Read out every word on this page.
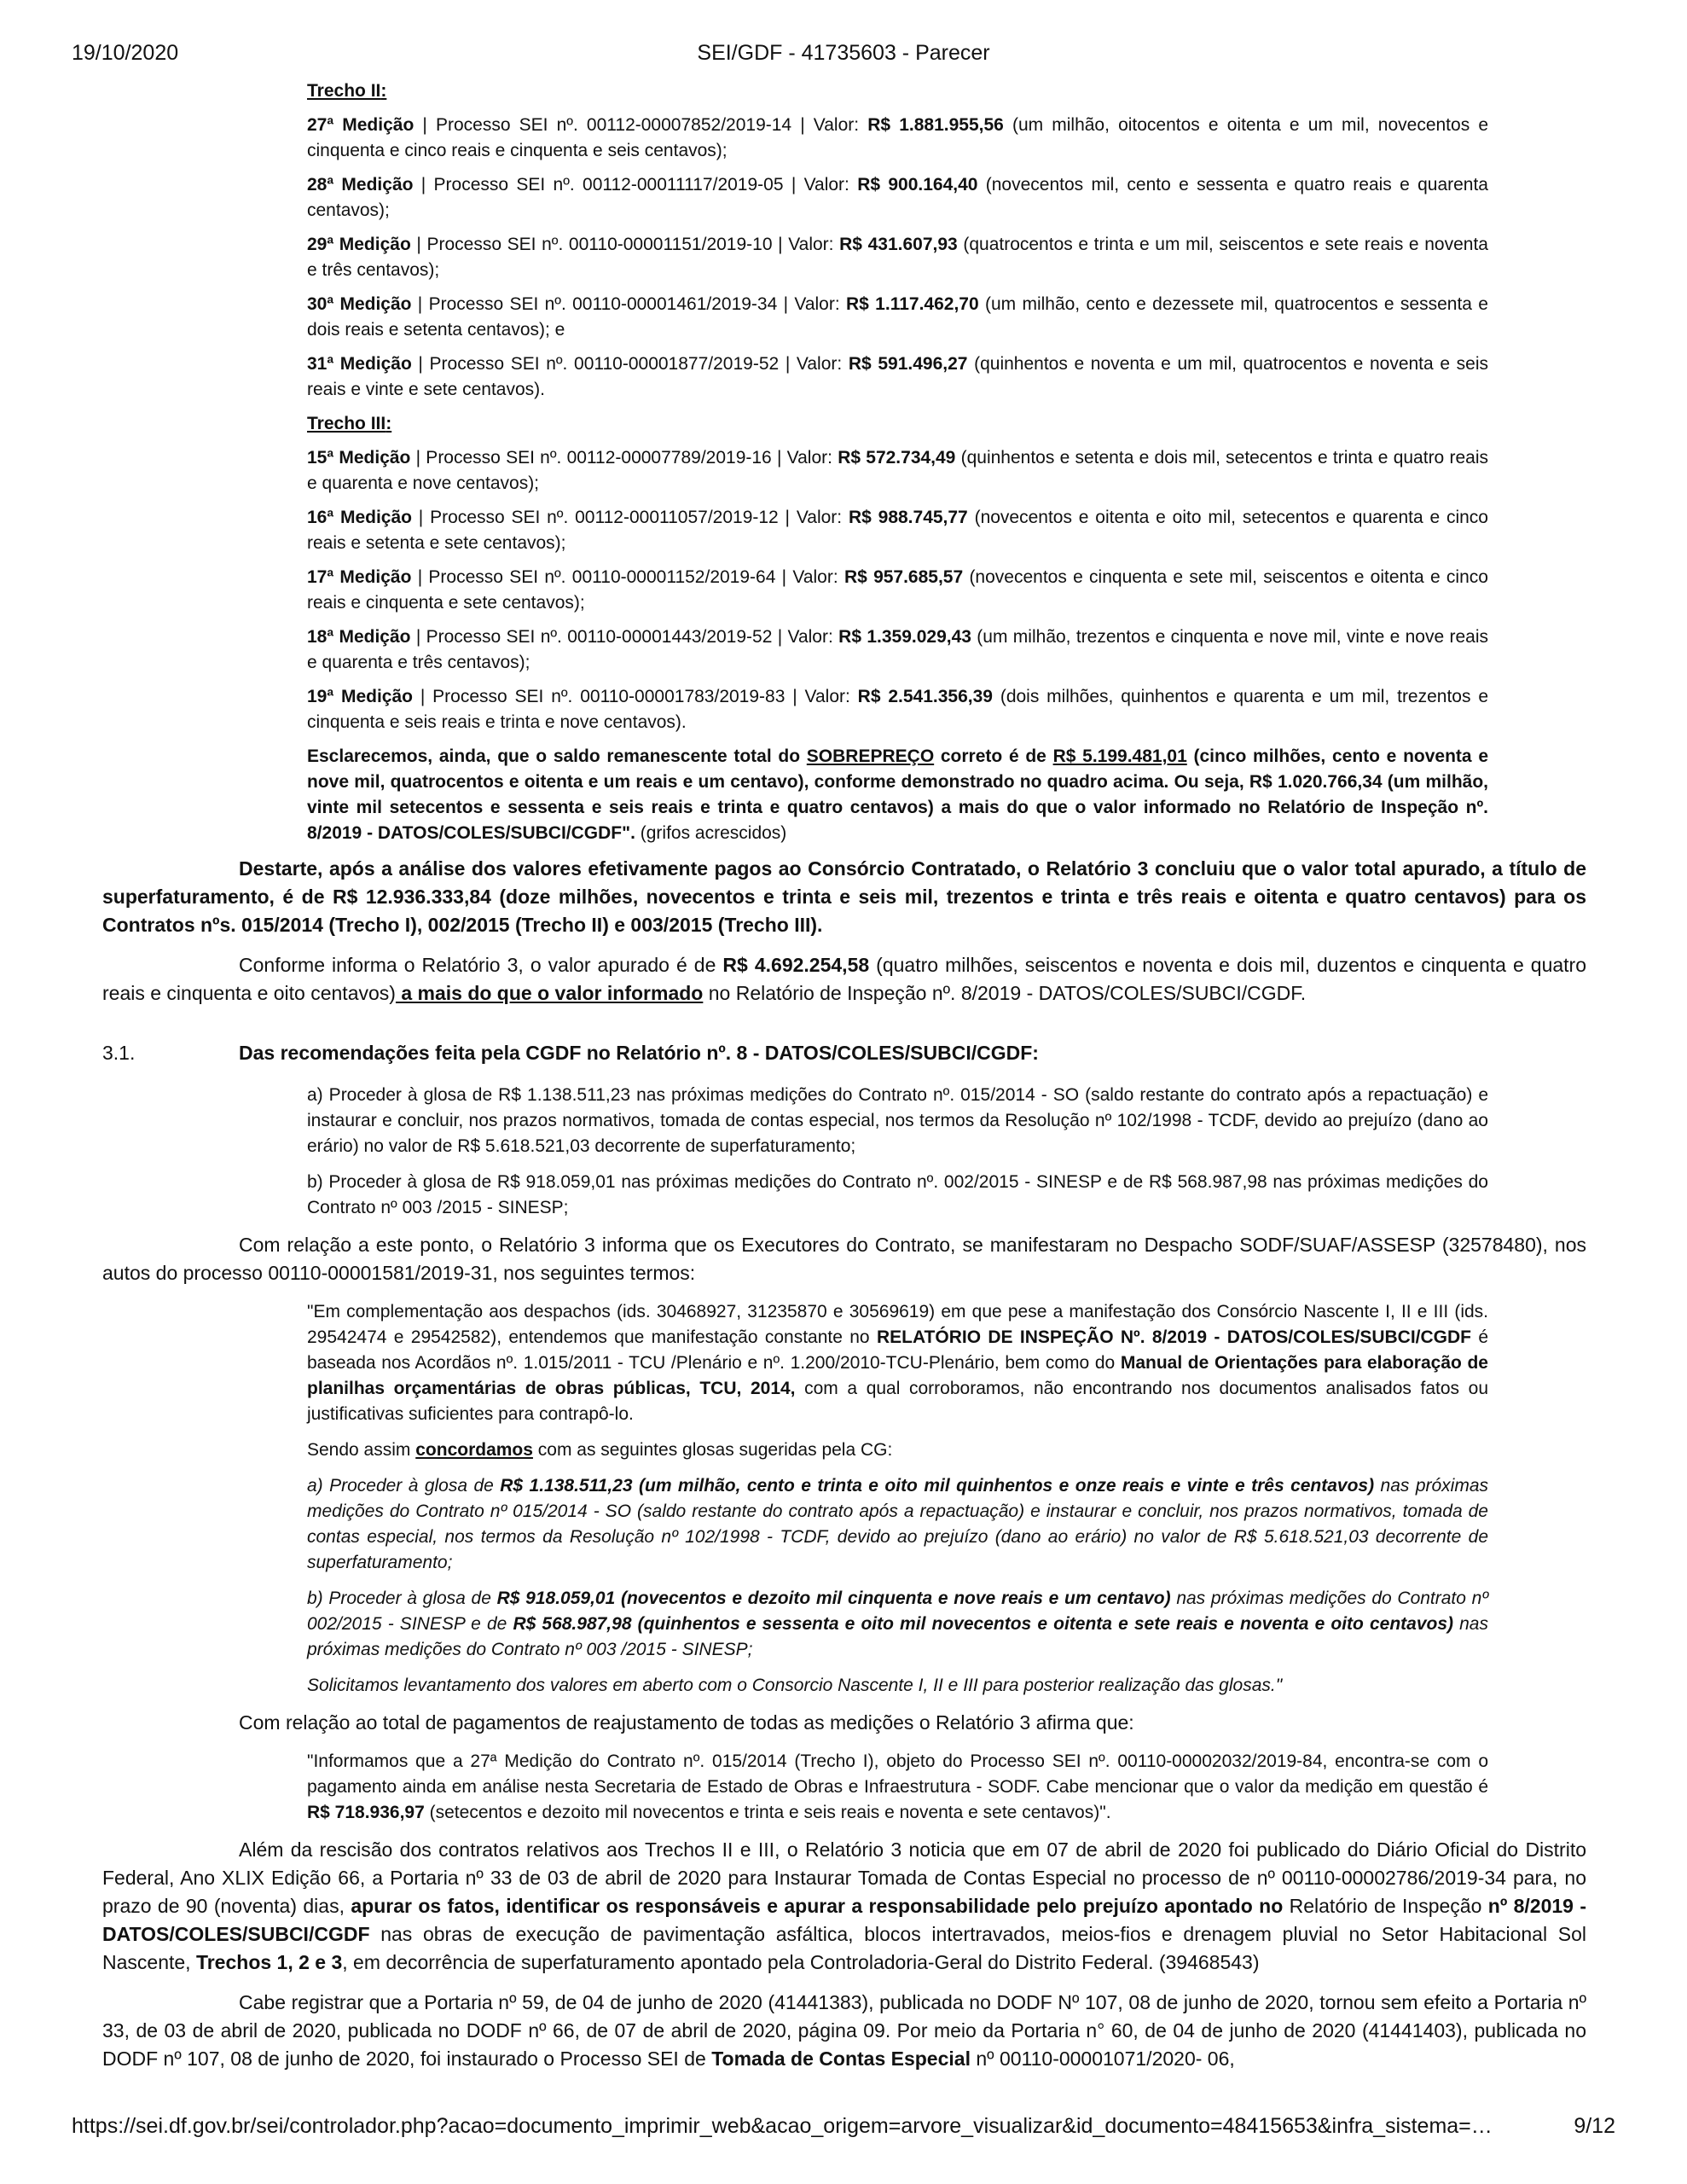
19/10/2020	SEI/GDF - 41735603 - Parecer

Trecho II:

27ª Medição | Processo SEI nº. 00112-00007852/2019-14 | Valor: R$ 1.881.955,56 (um milhão, oitocentos e oitenta e um mil, novecentos e cinquenta e cinco reais e cinquenta e seis centavos);

28ª Medição | Processo SEI nº. 00112-00011117/2019-05 | Valor: R$ 900.164,40 (novecentos mil, cento e sessenta e quatro reais e quarenta centavos);

29ª Medição | Processo SEI nº. 00110-00001151/2019-10 | Valor: R$ 431.607,93 (quatrocentos e trinta e um mil, seiscentos e sete reais e noventa e três centavos);

30ª Medição | Processo SEI nº. 00110-00001461/2019-34 | Valor: R$ 1.117.462,70 (um milhão, cento e dezessete mil, quatrocentos e sessenta e dois reais e setenta centavos); e

31ª Medição | Processo SEI nº. 00110-00001877/2019-52 | Valor: R$ 591.496,27 (quinhentos e noventa e um mil, quatrocentos e noventa e seis reais e vinte e sete centavos).

Trecho III:

15ª Medição | Processo SEI nº. 00112-00007789/2019-16 | Valor: R$ 572.734,49 (quinhentos e setenta e dois mil, setecentos e trinta e quatro reais e quarenta e nove centavos);

16ª Medição | Processo SEI nº. 00112-00011057/2019-12 | Valor: R$ 988.745,77 (novecentos e oitenta e oito mil, setecentos e quarenta e cinco reais e setenta e sete centavos);

17ª Medição | Processo SEI nº. 00110-00001152/2019-64 | Valor: R$ 957.685,57 (novecentos e cinquenta e sete mil, seiscentos e oitenta e cinco reais e cinquenta e sete centavos);

18ª Medição | Processo SEI nº. 00110-00001443/2019-52 | Valor: R$ 1.359.029,43 (um milhão, trezentos e cinquenta e nove mil, vinte e nove reais e quarenta e três centavos);

19ª Medição | Processo SEI nº. 00110-00001783/2019-83 | Valor: R$ 2.541.356,39 (dois milhões, quinhentos e quarenta e um mil, trezentos e cinquenta e seis reais e trinta e nove centavos).

Esclarecemos, ainda, que o saldo remanescente total do SOBREPREÇO correto é de R$ 5.199.481,01 (cinco milhões, cento e noventa e nove mil, quatrocentos e oitenta e um reais e um centavo), conforme demonstrado no quadro acima. Ou seja, R$ 1.020.766,34 (um milhão, vinte mil setecentos e sessenta e seis reais e trinta e quatro centavos) a mais do que o valor informado no Relatório de Inspeção nº. 8/2019 - DATOS/COLES/SUBCI/CGDF". (grifos acrescidos)

Destarte, após a análise dos valores efetivamente pagos ao Consórcio Contratado, o Relatório 3 concluiu que o valor total apurado, a título de superfaturamento, é de R$ 12.936.333,84 (doze milhões, novecentos e trinta e seis mil, trezentos e trinta e três reais e oitenta e quatro centavos) para os Contratos nºs. 015/2014 (Trecho I), 002/2015 (Trecho II) e 003/2015 (Trecho III).

Conforme informa o Relatório 3, o valor apurado é de R$ 4.692.254,58 (quatro milhões, seiscentos e noventa e dois mil, duzentos e cinquenta e quatro reais e cinquenta e oito centavos) a mais do que o valor informado no Relatório de Inspeção nº. 8/2019 - DATOS/COLES/SUBCI/CGDF.

3.1.	Das recomendações feita pela CGDF no Relatório nº. 8 - DATOS/COLES/SUBCI/CGDF:

a) Proceder à glosa de R$ 1.138.511,23 nas próximas medições do Contrato nº. 015/2014 - SO (saldo restante do contrato após a repactuação) e instaurar e concluir, nos prazos normativos, tomada de contas especial, nos termos da Resolução nº 102/1998 - TCDF, devido ao prejuízo (dano ao erário) no valor de R$ 5.618.521,03 decorrente de superfaturamento;

b) Proceder à glosa de R$ 918.059,01 nas próximas medições do Contrato nº. 002/2015 - SINESP e de R$ 568.987,98 nas próximas medições do Contrato nº 003 /2015 - SINESP;

Com relação a este ponto, o Relatório 3 informa que os Executores do Contrato, se manifestaram no Despacho SODF/SUAF/ASSESP (32578480), nos autos do processo 00110-00001581/2019-31, nos seguintes termos:

"Em complementação aos despachos (ids. 30468927, 31235870 e 30569619) em que pese a manifestação dos Consórcio Nascente I, II e III (ids. 29542474 e 29542582), entendemos que manifestação constante no RELATÓRIO DE INSPEÇÃO Nº. 8/2019 - DATOS/COLES/SUBCI/CGDF é baseada nos Acordãos nº. 1.015/2011 - TCU /Plenário e nº. 1.200/2010-TCU-Plenário, bem como do Manual de Orientações para elaboração de planilhas orçamentárias de obras públicas, TCU, 2014, com a qual corroboramos, não encontrando nos documentos analisados fatos ou justificativas suficientes para contrapô-lo.

Sendo assim concordamos com as seguintes glosas sugeridas pela CG:

a) Proceder à glosa de R$ 1.138.511,23 (um milhão, cento e trinta e oito mil quinhentos e onze reais e vinte e três centavos) nas próximas medições do Contrato nº 015/2014 - SO (saldo restante do contrato após a repactuação) e instaurar e concluir, nos prazos normativos, tomada de contas especial, nos termos da Resolução nº 102/1998 - TCDF, devido ao prejuízo (dano ao erário) no valor de R$ 5.618.521,03 decorrente de superfaturamento;

b) Proceder à glosa de R$ 918.059,01 (novecentos e dezoito mil cinquenta e nove reais e um centavo) nas próximas medições do Contrato nº 002/2015 - SINESP e de R$ 568.987,98 (quinhentos e sessenta e oito mil novecentos e oitenta e sete reais e noventa e oito centavos) nas próximas medições do Contrato nº 003 /2015 - SINESP;

Solicitamos levantamento dos valores em aberto com o Consorcio Nascente I, II e III para posterior realização das glosas."

Com relação ao total de pagamentos de reajustamento de todas as medições o Relatório 3 afirma que:

"Informamos que a 27ª Medição do Contrato nº. 015/2014 (Trecho I), objeto do Processo SEI nº. 00110-00002032/2019-84, encontra-se com o pagamento ainda em análise nesta Secretaria de Estado de Obras e Infraestrutura - SODF. Cabe mencionar que o valor da medição em questão é R$ 718.936,97 (setecentos e dezoito mil novecentos e trinta e seis reais e noventa e sete centavos)".

Além da rescisão dos contratos relativos aos Trechos II e III, o Relatório 3 noticia que em 07 de abril de 2020 foi publicado do Diário Oficial do Distrito Federal, Ano XLIX Edição 66, a Portaria nº 33 de 03 de abril de 2020 para Instaurar Tomada de Contas Especial no processo de nº 00110-00002786/2019-34 para, no prazo de 90 (noventa) dias, apurar os fatos, identificar os responsáveis e apurar a responsabilidade pelo prejuízo apontado no Relatório de Inspeção nº 8/2019 - DATOS/COLES/SUBCI/CGDF nas obras de execução de pavimentação asfáltica, blocos intertravados, meios-fios e drenagem pluvial no Setor Habitacional Sol Nascente, Trechos 1, 2 e 3, em decorrência de superfaturamento apontado pela Controladoria-Geral do Distrito Federal. (39468543)

Cabe registrar que a Portaria nº 59, de 04 de junho de 2020 (41441383), publicada no DODF Nº 107, 08 de junho de 2020, tornou sem efeito a Portaria nº 33, de 03 de abril de 2020, publicada no DODF nº 66, de 07 de abril de 2020, página 09. Por meio da Portaria n° 60, de 04 de junho de 2020 (41441403), publicada no DODF nº 107, 08 de junho de 2020, foi instaurado o Processo SEI de Tomada de Contas Especial nº 00110-00001071/2020- 06,

https://sei.df.gov.br/sei/controlador.php?acao=documento_imprimir_web&acao_origem=arvore_visualizar&id_documento=48415653&infra_sistema=…	9/12
